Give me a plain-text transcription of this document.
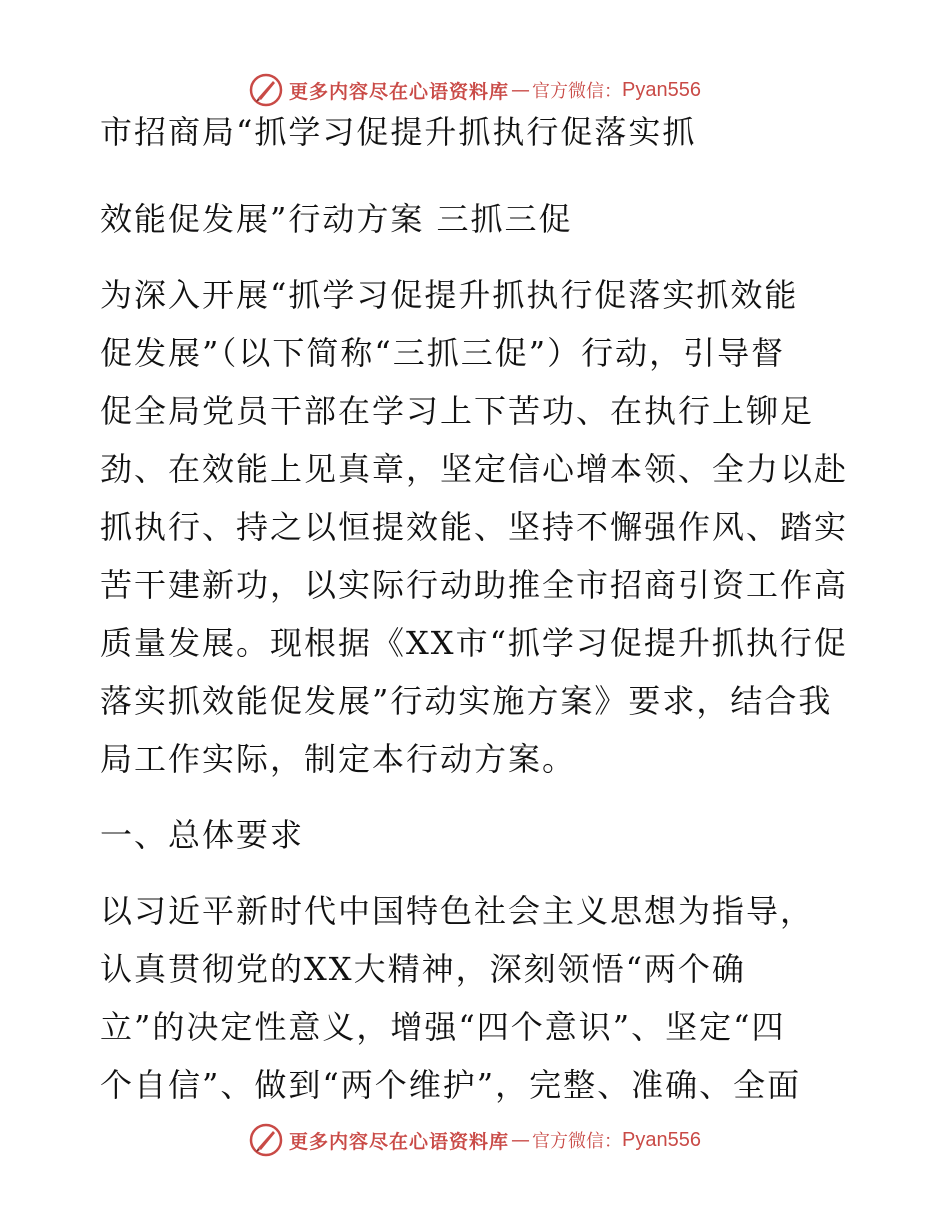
更多内容尽在心语资料库 — 官方微信： Pyan556
市招商局“抓学习促提升抓执行促落实抓
效能促发展”行动方案 三抓三促
为深入开展“抓学习促提升抓执行促落实抓效能
促发展”（以下简称“三抓三促”）行动，引导督
促全局党员干部在学习上下苦功、在执行上铆足
劲、在效能上见真章，坚定信心增本领、全力以赴
抓执行、持之以恒提效能、坚持不懈强作风、踏实
苦干建新功，以实际行动助推全市招商引资工作高
质量发展。现根据《XX市“抓学习促提升抓执行促
落实抓效能促发展”行动实施方案》要求，结合我
局工作实际，制定本行动方案。
一、总体要求
以习近平新时代中国特色社会主义思想为指导，
认真贯彻党的XX大精神，深刻领悟“两个确
立”的决定性意义，增强“四个意识”、坚定“四
个自信”、做到“两个维护”，完整、准确、全面
更多内容尽在心语资料库 — 官方微信： Pyan556
